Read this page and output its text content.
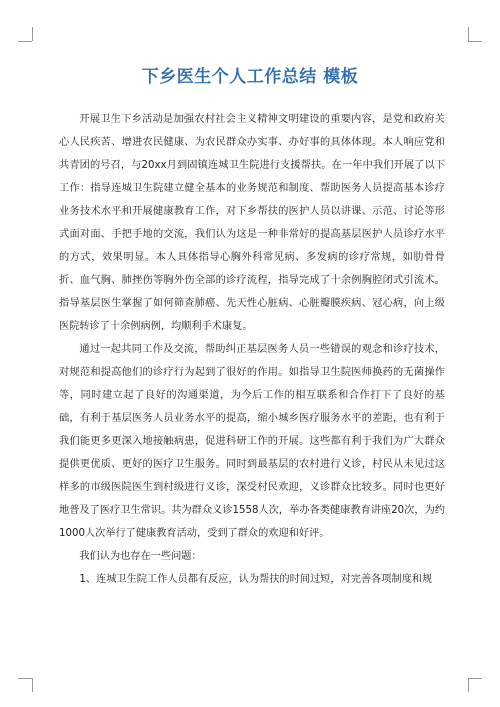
下乡医生个人工作总结 模板

开展卫生下乡活动是加强农村社会主义精神文明建设的重要内容，是党和政府关心人民疾苦、增进农民健康、为农民群众办实事、办好事的具体体现。本人响应党和共青团的号召，与20xx月到固镇连城卫生院进行支援帮扶。在一年中我们开展了以下工作：指导连城卫生院建立健全基本的业务规范和制度、帮助医务人员提高基本诊疗业务技术水平和开展健康教育工作，对下乡帮扶的医护人员以讲课、示范、讨论等形式面对面、手把手地的交流，我们认为这是一种非常好的提高基层医护人员诊疗水平的方式，效果明显。本人具体指导心胸外科常见病、多发病的诊疗常规，如肋骨骨折、血气胸、肺挫伤等胸外伤全部的诊疗流程，指导完成了十余例胸腔闭式引流术。指导基层医生掌握了如何筛查肺癌、先天性心脏病、心脏瓣膜疾病、冠心病，向上级医院转诊了十余例病例，均顺利手术康复。

通过一起共同工作及交流，帮助纠正基层医务人员一些错误的观念和诊疗技术，对规范和提高他们的诊疗行为起到了很好的作用。如指导卫生院医师换药的无菌操作等，同时建立起了良好的沟通渠道，为今后工作的相互联系和合作打下了良好的基础，有利于基层医务人员业务水平的提高，缩小城乡医疗服务水平的差距，也有利于我们能更多更深入地接触病患，促进科研工作的开展。这些都有利于我们为广大群众提供更优质、更好的医疗卫生服务。同时到最基层的农村进行义诊，村民从未见过这样多的市级医院医生到村级进行义诊，深受村民欢迎，义诊群众比较多。同时也更好地普及了医疗卫生常识。共为群众义诊1558人次，举办各类健康教育讲座20次，为约1000人次举行了健康教育活动，受到了群众的欢迎和好评。

我们认为也存在一些问题：

1、连城卫生院工作人员都有反应，认为帮扶的时间过短，对完善各项制度和规
